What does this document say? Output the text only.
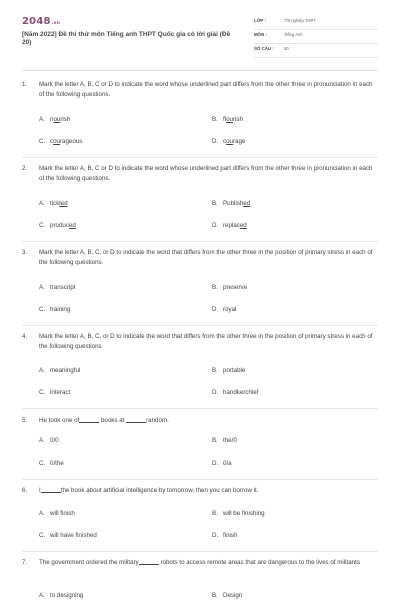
2048.vn
[Năm 2022] Đề thi thử môn Tiếng anh THPT Quốc gia có lời giải (Đề 20)
LỚP :	Tốt nghiệp THPT
MÔN :	Tiếng Anh
SỐ CÂU : 50
1. Mark the letter A, B, C or D to indicate the word whose underlined part differs from the other three in pronunciation in each of the following questions.
A. nourish	B. flourish
C. courageous	D. courage
2. Mark the letter A, B, C or D to indicate the word whose underlined part differs from the other three in pronunciation in each of the following questions.
A. tickled	B. Published
C. produced	D. replaced
3. Mark the letter A, B, C, or D to indicate the word that differs from the other three in the position of primary stress in each of the following questions.
A. transcript	B. preserve
C. training	D. royal
4. Mark the letter A, B, C, or D to indicate the word that differs from the other three in the position of primary stress in each of the following questions
A. meaningful	B. portable
C. interact	D. handkerchief
5. He took one of	books at	random.
A. 0/0	B. the/0
C. 0/the	D. 0/a
6. I	the book about artificial intelligence by tomorrow, then you can borrow it.
A. will finish	B. will be finishing
C. will have finished	D. finish
7. The government ordered the military	robots to access remote areas that are dangerous to the lives of militants
A. to designing	B. Design
